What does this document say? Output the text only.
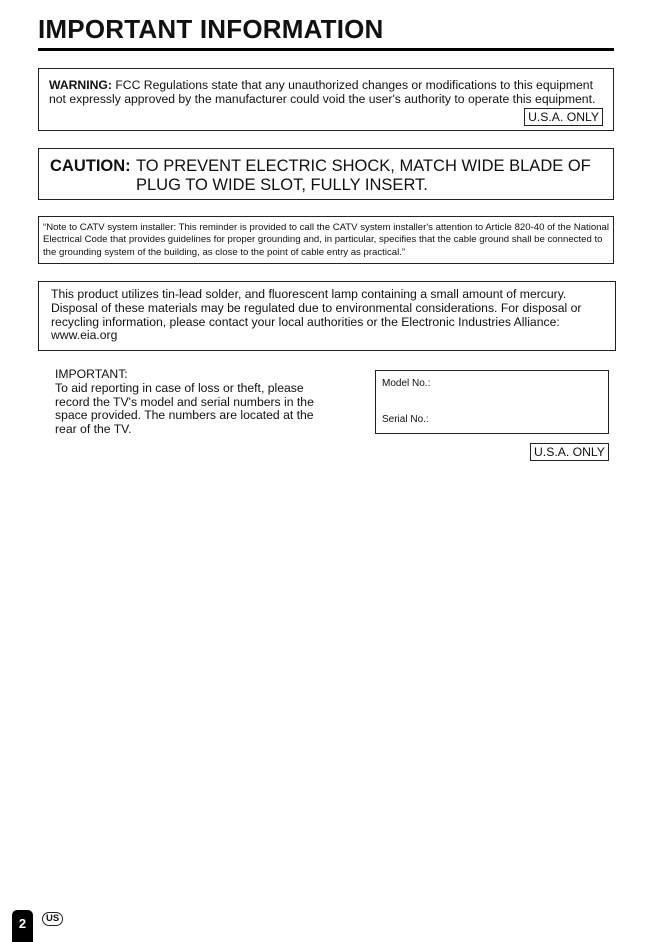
IMPORTANT INFORMATION
WARNING: FCC Regulations state that any unauthorized changes or modifications to this equipment not expressly approved by the manufacturer could void the user's authority to operate this equipment.
U.S.A. ONLY
CAUTION: TO PREVENT ELECTRIC SHOCK, MATCH WIDE BLADE OF PLUG TO WIDE SLOT, FULLY INSERT.
“Note to CATV system installer: This reminder is provided to call the CATV system installer's attention to Article 820-40 of the National Electrical Code that provides guidelines for proper grounding and, in particular, specifies that the cable ground shall be connected to the grounding system of the building, as close to the point of cable entry as practical.”
This product utilizes tin-lead solder, and fluorescent lamp containing a small amount of mercury. Disposal of these materials may be regulated due to environmental considerations. For disposal or recycling information, please contact your local authorities or the Electronic Industries Alliance: www.eia.org
IMPORTANT:
To aid reporting in case of loss or theft, please record the TV's model and serial numbers in the space provided. The numbers are located at the rear of the TV.
Model No.:
Serial No.:
U.S.A. ONLY
2	US
